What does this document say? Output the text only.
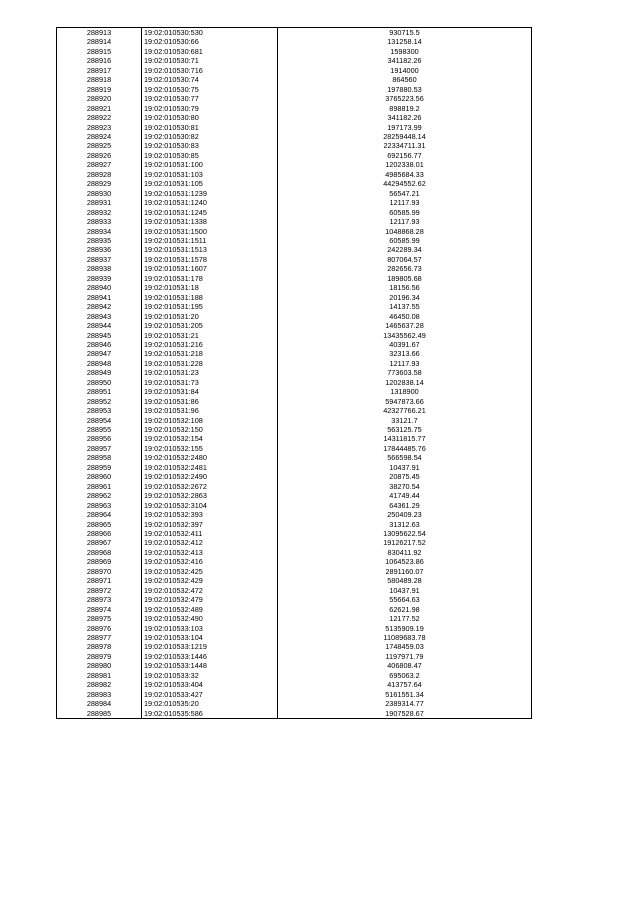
288913	19:02:010530:530	930715.5
288914	19:02:010530:66	131258.14
288915	19:02:010530:681	1598300
288916	19:02:010530:71	341182.26
288917	19:02:010530:716	1914000
288918	19:02:010530:74	864560
288919	19:02:010530:75	197880.53
288920	19:02:010530:77	3765223.56
288921	19:02:010530:79	898819.2
288922	19:02:010530:80	341182.26
288923	19:02:010530:81	197173.99
288924	19:02:010530:82	28259448.14
288925	19:02:010530:83	22334711.31
288926	19:02:010530:85	692156.77
288927	19:02:010531:100	1202338.01
288928	19:02:010531:103	4985684.33
288929	19:02:010531:105	44294552.62
288930	19:02:010531:1239	56547.21
288931	19:02:010531:1240	12117.93
288932	19:02:010531:1245	60585.99
288933	19:02:010531:1338	12117.93
288934	19:02:010531:1500	1048868.28
288935	19:02:010531:1511	60585.99
288936	19:02:010531:1513	242289.34
288937	19:02:010531:1578	807064.57
288938	19:02:010531:1607	282656.73
288939	19:02:010531:178	189805.68
288940	19:02:010531:18	18156.56
288941	19:02:010531:188	20196.34
288942	19:02:010531:195	14137.55
288943	19:02:010531:20	46450.08
288944	19:02:010531:205	1465637.28
288945	19:02:010531:21	13435562.49
288946	19:02:010531:216	40391.67
288947	19:02:010531:218	32313.66
288948	19:02:010531:228	12117.93
288949	19:02:010531:23	773603.58
288950	19:02:010531:73	1202838.14
288951	19:02:010531:84	1318900
288952	19:02:010531:86	5947873.66
288953	19:02:010531:96	42327766.21
288954	19:02:010532:108	33121.7
288955	19:02:010532:150	563125.75
288956	19:02:010532:154	14311815.77
288957	19:02:010532:155	17844485.76
288958	19:02:010532:2480	566598.54
288959	19:02:010532:2481	10437.91
288960	19:02:010532:2490	20875.45
288961	19:02:010532:2672	38270.54
288962	19:02:010532:2863	41749.44
288963	19:02:010532:3104	64361.29
288964	19:02:010532:393	250409.23
288965	19:02:010532:397	31312.63
288966	19:02:010532:411	13095622.54
288967	19:02:010532:412	19126217.52
288968	19:02:010532:413	830411.92
288969	19:02:010532:416	1064523.86
288970	19:02:010532:425	2891160.07
288971	19:02:010532:429	580489.28
288972	19:02:010532:472	10437.91
288973	19:02:010532:479	55664.63
288974	19:02:010532:489	62621.98
288975	19:02:010532:490	12177.52
288976	19:02:010533:103	5135909.19
288977	19:02:010533:104	11089683.78
288978	19:02:010533:1219	1748459.03
288979	19:02:010533:1446	1197971.79
288980	19:02:010533:1448	406808.47
288981	19:02:010533:32	695063.2
288982	19:02:010533:404	413757.64
288983	19:02:010533:427	5161551.34
288984	19:02:010535:20	2389314.77
288985	19:02:010535:586	1907528.67
